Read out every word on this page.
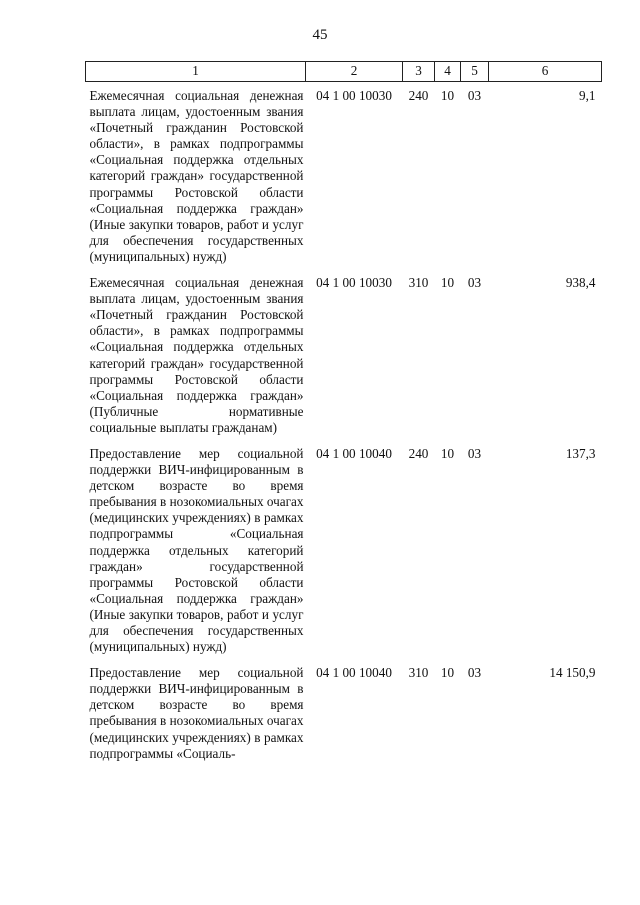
45
1	2	3	4	5	6
Ежемесячная социальная денежная выплата лицам, удостоенным звания «Почетный гражданин Ростовской области», в рамках подпрограммы «Социальная поддержка отдельных категорий граждан» государственной программы Ростовской области «Социальная поддержка граждан» (Иные закупки товаров, работ и услуг для обеспечения государственных (муниципальных) нужд)	04 1 00 10030	240	10	03	9,1
Ежемесячная социальная денежная выплата лицам, удостоенным звания «Почетный гражданин Ростовской области», в рамках подпрограммы «Социальная поддержка отдельных категорий граждан» государственной программы Ростовской области «Социальная поддержка граждан» (Публичные нормативные социальные выплаты гражданам)	04 1 00 10030	310	10	03	938,4
Предоставление мер социальной поддержки ВИЧ-инфицированным в детском возрасте во время пребывания в нозокомиальных очагах (медицинских учреждениях) в рамках подпрограммы «Социальная поддержка отдельных категорий граждан» государственной программы Ростовской области «Социальная поддержка граждан» (Иные закупки товаров, работ и услуг для обеспечения государственных (муниципальных) нужд)	04 1 00 10040	240	10	03	137,3
Предоставление мер социальной поддержки ВИЧ-инфицированным в детском возрасте во время пребывания в нозокомиальных очагах (медицинских учреждениях) в рамках подпрограммы «Социаль-	04 1 00 10040	310	10	03	14 150,9
